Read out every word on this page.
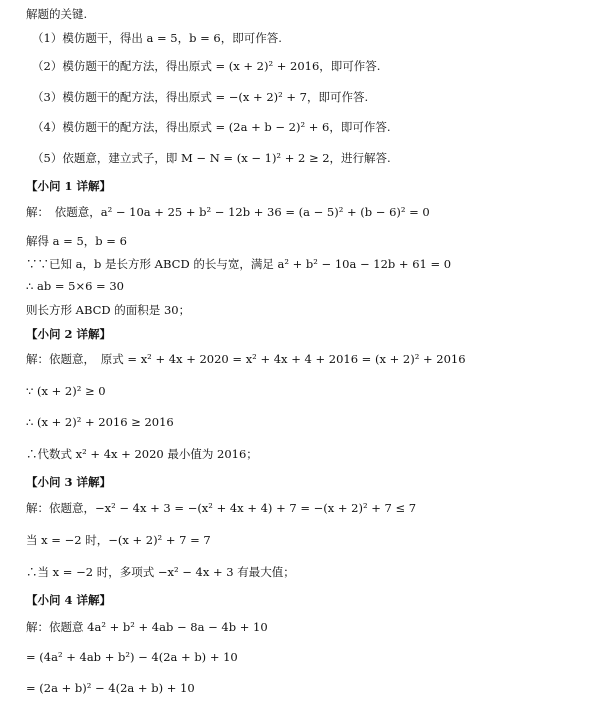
解题的关键.
（1）模仿题干，得出 a = 5，b = 6，即可作答.
（2）模仿题干的配方法，得出原式 = (x + 2)² + 2016，即可作答.
（3）模仿题干的配方法，得出原式 = −(x + 2)² + 7，即可作答.
（4）模仿题干的配方法，得出原式 = (2a + b − 2)² + 6，即可作答.
（5）依题意，建立式子，即 M − N = (x − 1)² + 2 ≥ 2，进行解答.
【小问 1 详解】
解：　依题意，a² − 10a + 25 + b² − 12b + 36 = (a − 5)² + (b − 6)² = 0
解得 a = 5，b = 6
∵∵已知 a，b 是长方形 ABCD 的长与宽，满足 a² + b² − 10a − 12b + 61 = 0
∴ ab = 5×6 = 30
则长方形 ABCD 的面积是 30；
【小问 2 详解】
解：依题意，　原式 = x² + 4x + 2020 = x² + 4x + 4 + 2016 = (x + 2)² + 2016
∵ (x + 2)² ≥ 0
∴ (x + 2)² + 2016 ≥ 2016
∴代数式 x² + 4x + 2020 最小值为 2016；
【小问 3 详解】
解：依题意，−x² − 4x + 3 = −(x² + 4x + 4) + 7 = −(x + 2)² + 7 ≤ 7
当 x = −2 时，−(x + 2)² + 7 = 7
∴当 x = −2 时，多项式 −x² − 4x + 3 有最大值；
【小问 4 详解】
解：依题意 4a² + b² + 4ab − 8a − 4b + 10
= (4a² + 4ab + b²) − 4(2a + b) + 10
= (2a + b)² − 4(2a + b) + 10
